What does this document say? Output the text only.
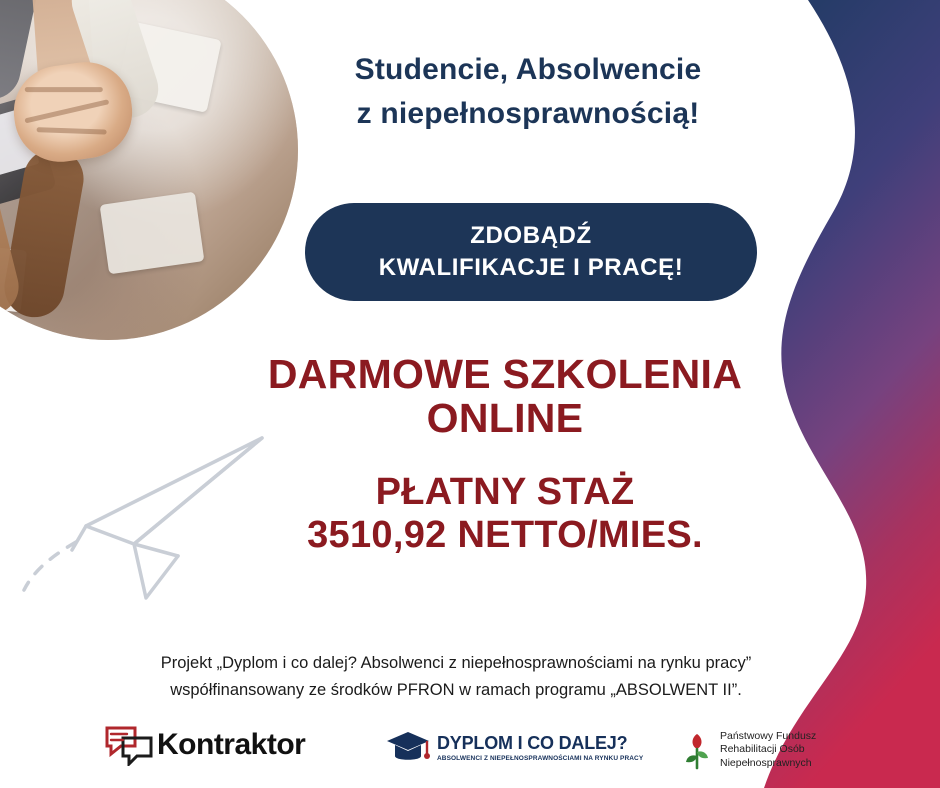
Studencie, Absolwencie
z niepełnosprawnością!
ZDOBĄDŹ
KWALIFIKACJE I PRACĘ!
DARMOWE SZKOLENIA
ONLINE
PŁATNY STAŻ
3510,92 NETTO/MIES.
Projekt „Dyplom i co dalej? Absolwenci z niepełnosprawnościami na rynku pracy”
współfinansowany ze środków PFRON w ramach programu „ABSOLWENT II”.
Kontraktor	DYPLOM I CO DALEJ?
ABSOLWENCI Z NIEPEŁNOSPRAWNOŚCIAMI NA RYNKU PRACY
Państwowy Fundusz
Rehabilitacji Osób
Niepełnosprawnych
